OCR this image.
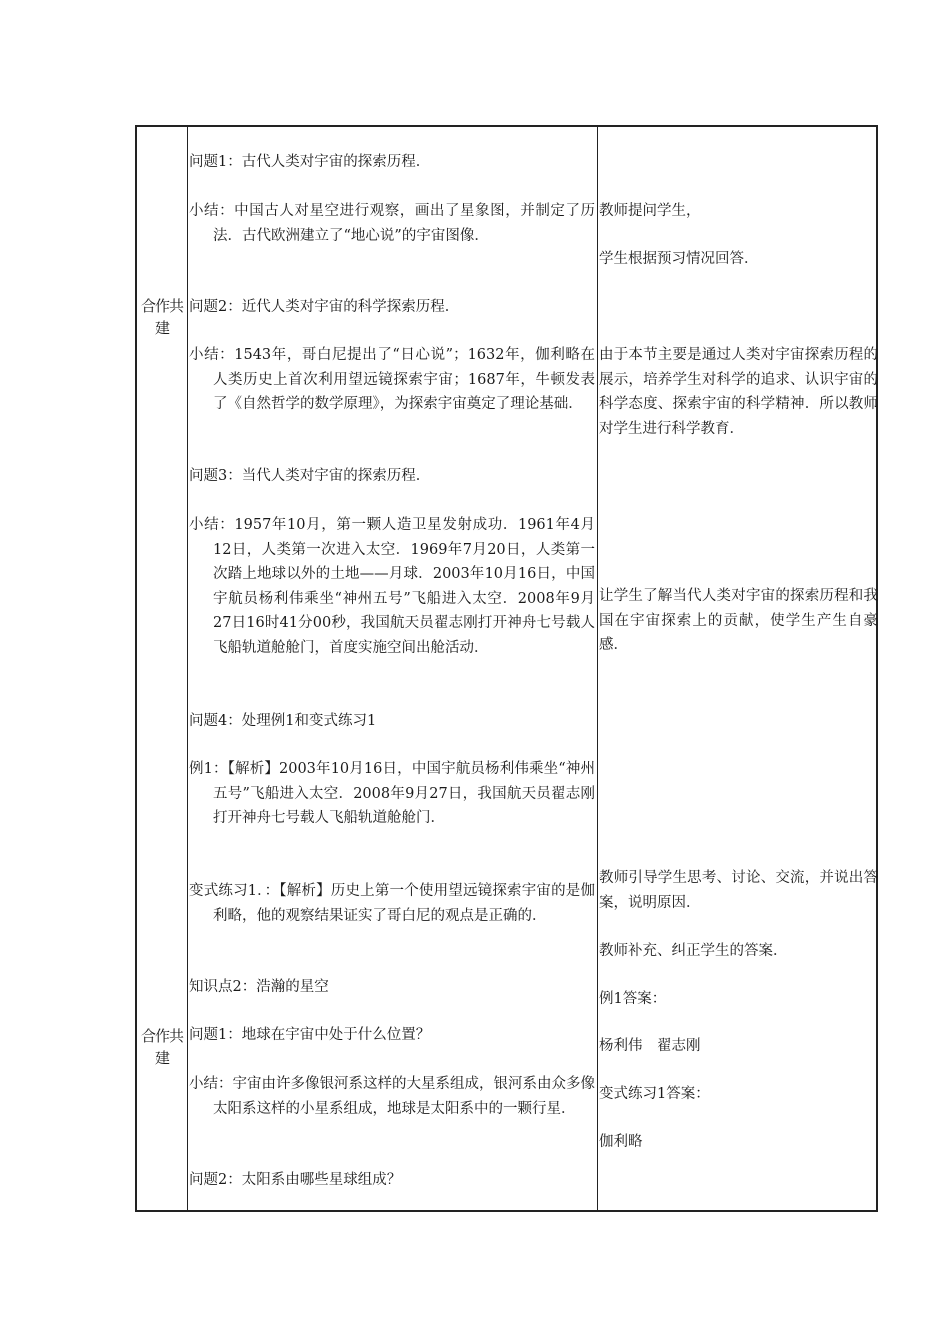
合作共建
合作共建
问题1：古代人类对宇宙的探索历程．
小结：中国古人对星空进行观察，画出了星象图，并制定了历法．古代欧洲建立了“地心说”的宇宙图像．
问题2：近代人类对宇宙的科学探索历程．
小结：1543年，哥白尼提出了“日心说”；1632年，伽利略在人类历史上首次利用望远镜探索宇宙；1687年，牛顿发表了《自然哲学的数学原理》，为探索宇宙奠定了理论基础．
问题3：当代人类对宇宙的探索历程．
小结：1957年10月，第一颗人造卫星发射成功．1961年4月12日，人类第一次进入太空．1969年7月20日，人类第一次踏上地球以外的土地——月球．2003年10月16日，中国宇航员杨利伟乘坐“神州五号”飞船进入太空．2008年9月27日16时41分00秒，我国航天员翟志刚打开神舟七号载人飞船轨道舱舱门，首度实施空间出舱活动．
问题4：处理例1和变式练习1
例1：【解析】2003年10月16日，中国宇航员杨利伟乘坐“神州五号”飞船进入太空．2008年9月27日，我国航天员翟志刚打开神舟七号载人飞船轨道舱舱门．
变式练习1．：【解析】历史上第一个使用望远镜探索宇宙的是伽利略，他的观察结果证实了哥白尼的观点是正确的．
知识点2：浩瀚的星空
问题1：地球在宇宙中处于什么位置？
小结：宇宙由许多像银河系这样的大星系组成，银河系由众多像太阳系这样的小星系组成，地球是太阳系中的一颗行星．
问题2：太阳系由哪些星球组成？
教师提问学生，
学生根据预习情况回答．
由于本节主要是通过人类对宇宙探索历程的展示，培养学生对科学的追求、认识宇宙的科学态度、探索宇宙的科学精神．所以教师对学生进行科学教育．
让学生了解当代人类对宇宙的探索历程和我国在宇宙探索上的贡献，使学生产生自豪感．
教师引导学生思考、讨论、交流，并说出答案，说明原因．
教师补充、纠正学生的答案．
例1答案：
杨利伟　翟志刚
变式练习1答案：
伽利略
